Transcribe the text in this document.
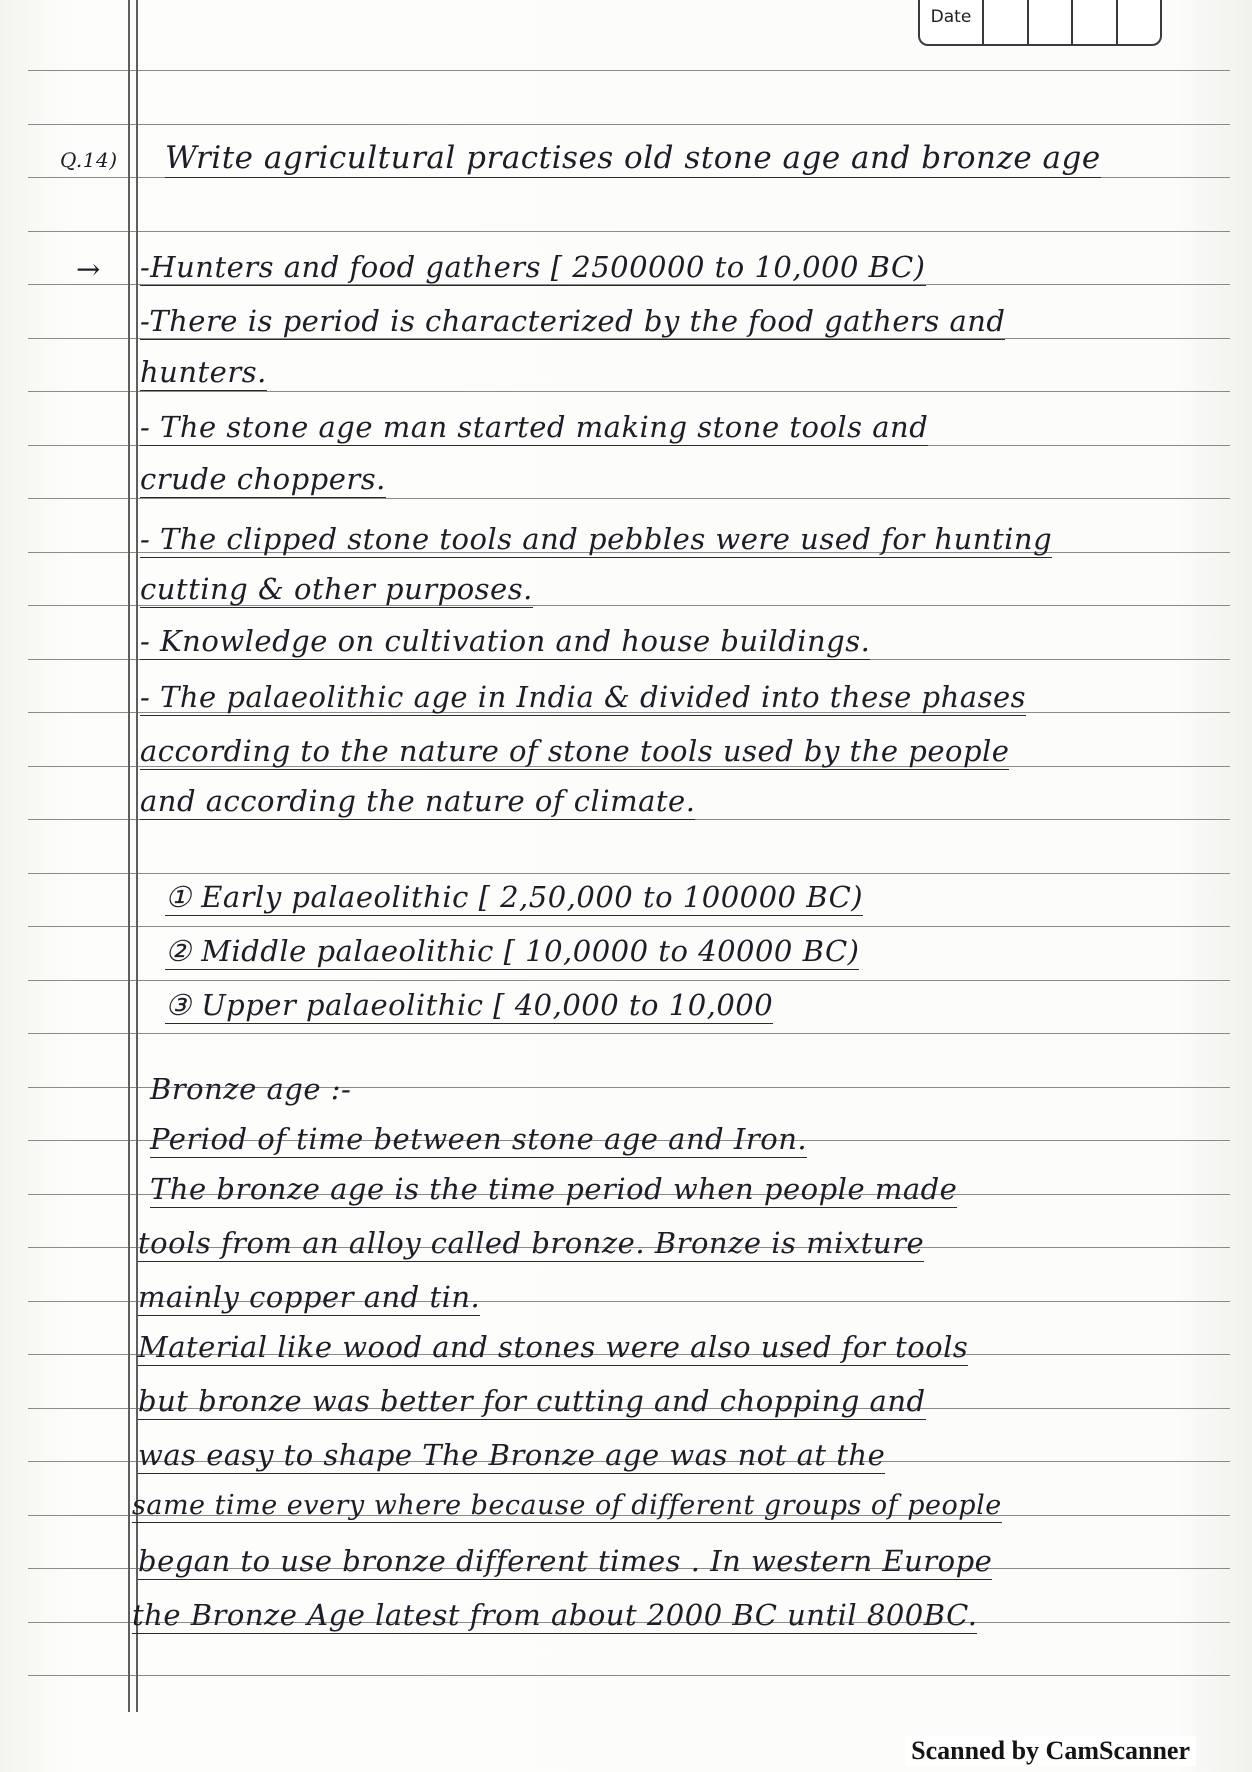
Date
Q.14) Write agricultural practises old stone age and bronze age
→ -Hunters and food gathers [ 2500000 to 10,000 BC)
-There is period is characterized by the food gathers and
hunters.
- The stone age man started making stone tools and
crude choppers.
- The clipped stone tools and pebbles were used for hunting
cutting & other purposes.
- Knowledge on cultivation and house buildings.
- The palaeolithic age in India & divided into these phases
according to the nature of stone tools used by the people
and according the nature of climate.
① Early palaeolithic [ 2,50,000 to 100000 BC)
② Middle palaeolithic [ 10,0000 to 40000 BC)
③ Upper palaeolithic [ 40,000 to 10,000
Bronze age :-
Period of time between stone age and Iron.
The bronze age is the time period when people made
tools from an alloy called bronze. Bronze is mixture
mainly copper and tin.
Material like wood and stones were also used for tools
but bronze was better for cutting and chopping and
was easy to shape The Bronze age was not at the
same time every where because of different groups of people
began to use bronze different times . In western Europe
the Bronze Age latest from about 2000 BC until 800BC.
Scanned by CamScanner
